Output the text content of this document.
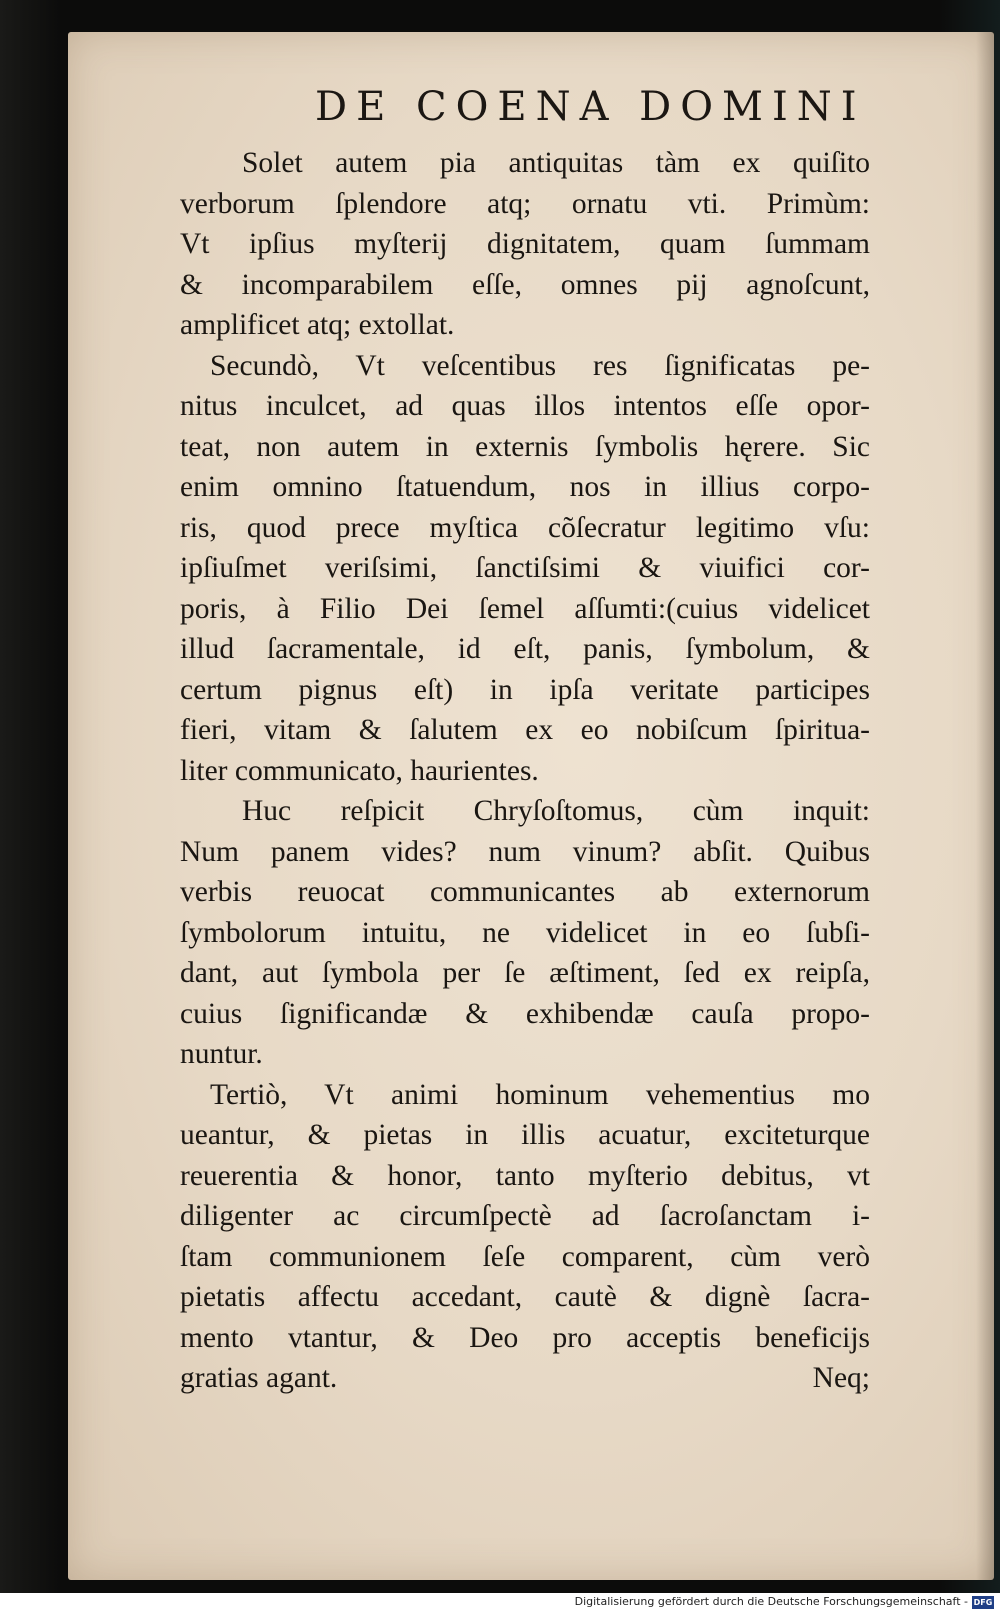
DE COENA DOMINI
Solet autem pia antiquitas tàm ex quiſito
verborum ſplendore atq; ornatu vti. Primùm:
Vt ipſius myſterij dignitatem, quam ſummam
& incomparabilem eſſe, omnes pij agnoſcunt,
amplificet atq; extollat.
Secundò, Vt veſcentibus res ſignificatas pe-
nitus inculcet, ad quas illos intentos eſſe opor-
teat, non autem in externis ſymbolis hęrere. Sic
enim omnino ſtatuendum, nos in illius corpo-
ris, quod prece myſtica cõſecratur legitimo vſu:
ipſiuſmet veriſsimi, ſanctiſsimi & viuifici cor-
poris, à Filio Dei ſemel aſſumti:(cuius videlicet
illud ſacramentale, id eſt, panis, ſymbolum, &
certum pignus eſt) in ipſa veritate participes
fieri, vitam & ſalutem ex eo nobiſcum ſpiritua-
liter communicato, haurientes.
Huc reſpicit Chryſoſtomus, cùm inquit:
Num panem vides? num vinum? abſit. Quibus
verbis reuocat communicantes ab externorum
ſymbolorum intuitu, ne videlicet in eo ſubſi-
dant, aut ſymbola per ſe æſtiment, ſed ex reipſa,
cuius ſignificandæ & exhibendæ cauſa propo-
nuntur.
Tertiò, Vt animi hominum vehementius mo
ueantur, & pietas in illis acuatur, exciteturque
reuerentia & honor, tanto myſterio debitus, vt
diligenter ac circumſpectè ad ſacroſanctam i-
ſtam communionem ſeſe comparent, cùm verò
pietatis affectu accedant, cautè & dignè ſacra-
mento vtantur, & Deo pro acceptis beneficijs
gratias agant.	Neq;
Digitalisierung gefördert durch die Deutsche Forschungsgemeinschaft - DFG
